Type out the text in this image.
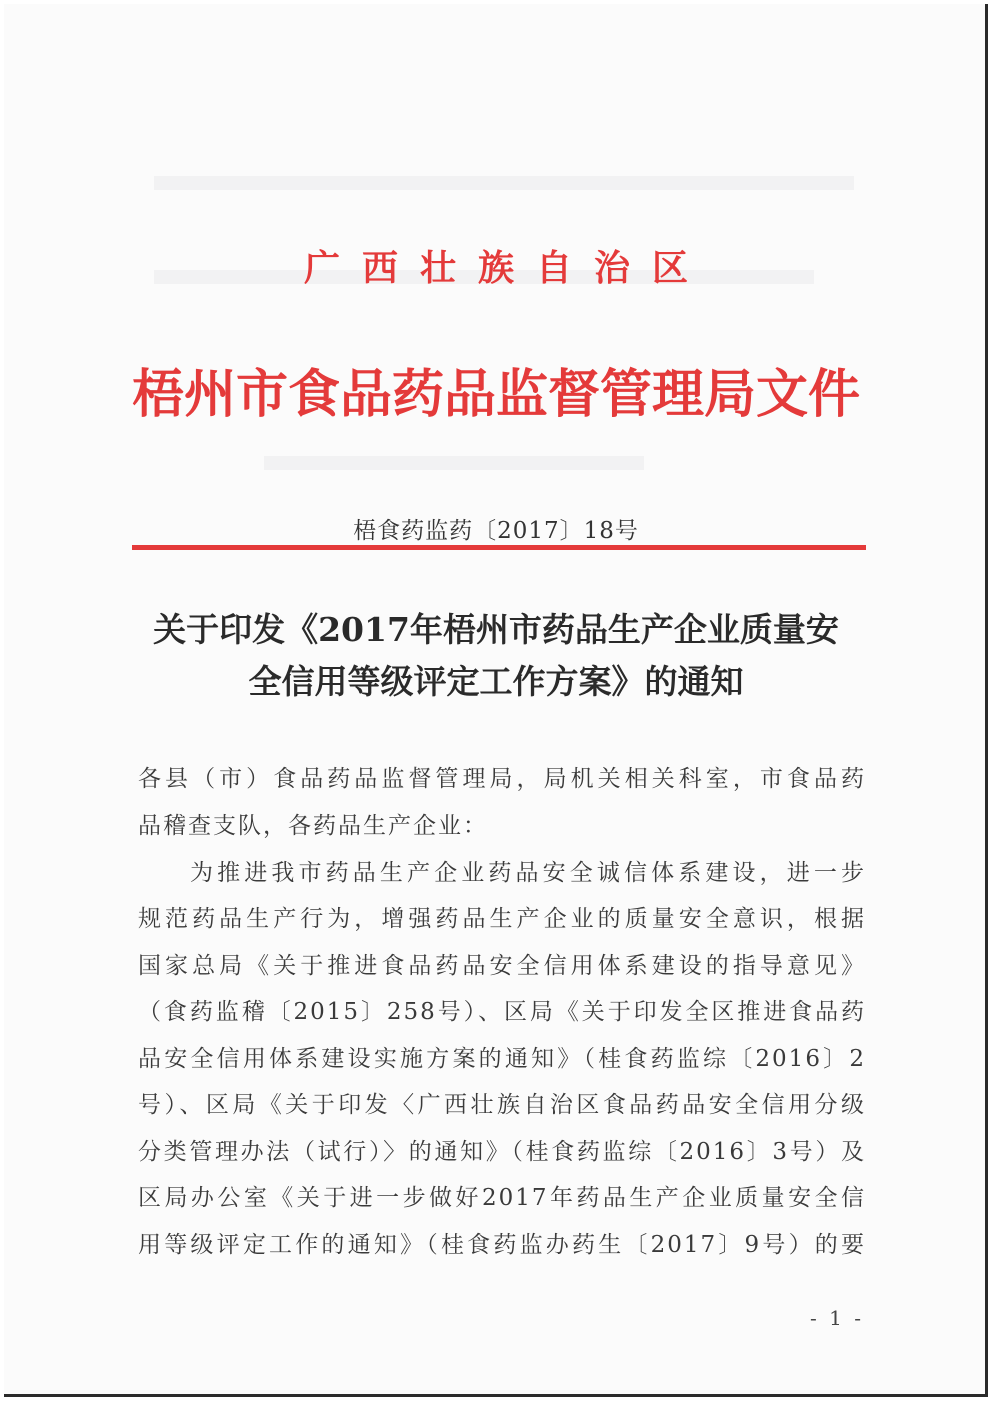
广西壮族自治区
梧州市食品药品监督管理局文件
梧食药监药〔2017〕18号
关于印发《2017年梧州市药品生产企业质量安
全信用等级评定工作方案》的通知
各县（市）食品药品监督管理局，局机关相关科室，市食品药
品稽查支队，各药品生产企业：
为推进我市药品生产企业药品安全诚信体系建设，进一步
规范药品生产行为，增强药品生产企业的质量安全意识，根据
国家总局《关于推进食品药品安全信用体系建设的指导意见》
（食药监稽〔2015〕258号）、区局《关于印发全区推进食品药
品安全信用体系建设实施方案的通知》（桂食药监综〔2016〕2
号）、区局《关于印发〈广西壮族自治区食品药品安全信用分级
分类管理办法（试行）〉的通知》（桂食药监综〔2016〕3号）及
区局办公室《关于进一步做好2017年药品生产企业质量安全信
用等级评定工作的通知》（桂食药监办药生〔2017〕9号）的要
- 1 -
